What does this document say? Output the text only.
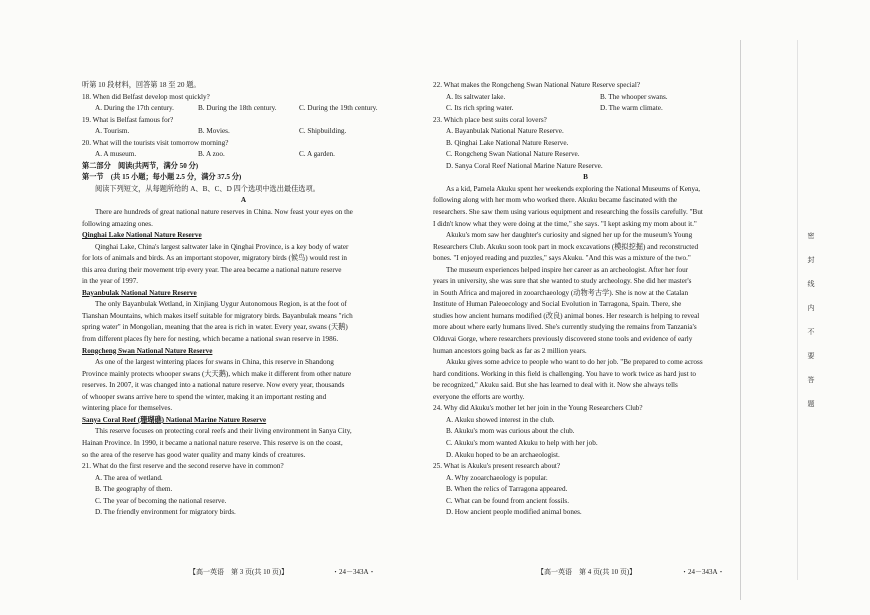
听第 10 段材料，回答第 18 至 20 题。
18. When did Belfast develop most quickly?
A. During the 17th century.	B. During the 18th century.	C. During the 19th century.
19. What is Belfast famous for?
A. Tourism.	B. Movies.	C. Shipbuilding.
20. What will the tourists visit tomorrow morning?
A. A museum.	B. A zoo.	C. A garden.
第二部分　阅读(共两节，满分 50 分)
第一节　(共 15 小题；每小题 2.5 分，满分 37.5 分)
阅读下列短文，从每题所给的 A、B、C、D 四个选项中选出最佳选项。
A
There are hundreds of great national nature reserves in China. Now feast your eyes on the
following amazing ones.
Qinghai Lake National Nature Reserve
Qinghai Lake, China's largest saltwater lake in Qinghai Province, is a key body of water
for lots of animals and birds. As an important stopover, migratory birds (候鸟) would rest in
this area during their movement trip every year. The area became a national nature reserve
in the year of 1997.
Bayanbulak National Nature Reserve
The only Bayanbulak Wetland, in Xinjiang Uygur Autonomous Region, is at the foot of
Tianshan Mountains, which makes itself suitable for migratory birds. Bayanbulak means "rich
spring water" in Mongolian, meaning that the area is rich in water. Every year, swans (天鹅)
from different places fly here for nesting, which became a national swan reserve in 1986.
Rongcheng Swan National Nature Reserve
As one of the largest wintering places for swans in China, this reserve in Shandong
Province mainly protects whooper swans (大天鹅), which make it different from other nature
reserves. In 2007, it was changed into a national nature reserve. Now every year, thousands
of whooper swans arrive here to spend the winter, making it an important resting and
wintering place for themselves.
Sanya Coral Reef (珊瑚礁) National Marine Nature Reserve
This reserve focuses on protecting coral reefs and their living environment in Sanya City,
Hainan Province. In 1990, it became a national nature reserve. This reserve is on the coast,
so the area of the reserve has good water quality and many kinds of creatures.
21. What do the first reserve and the second reserve have in common?
A. The area of wetland.
B. The geography of them.
C. The year of becoming the national reserve.
D. The friendly environment for migratory birds.
22. What makes the Rongcheng Swan National Nature Reserve special?
A. Its saltwater lake.	B. The whooper swans.
C. Its rich spring water.	D. The warm climate.
23. Which place best suits coral lovers?
A. Bayanbulak National Nature Reserve.
B. Qinghai Lake National Nature Reserve.
C. Rongcheng Swan National Nature Reserve.
D. Sanya Coral Reef National Marine Nature Reserve.
B
As a kid, Pamela Akuku spent her weekends exploring the National Museums of Kenya,
following along with her mom who worked there. Akuku became fascinated with the
researchers. She saw them using various equipment and researching the fossils carefully. "But
I didn't know what they were doing at the time," she says. "I kept asking my mom about it."
Akuku's mom saw her daughter's curiosity and signed her up for the museum's Young
Researchers Club. Akuku soon took part in mock excavations (模拟挖掘) and reconstructed
bones. "I enjoyed reading and puzzles," says Akuku. "And this was a mixture of the two."
The museum experiences helped inspire her career as an archeologist. After her four
years in university, she was sure that she wanted to study archeology. She did her master's
in South Africa and majored in zooarchaeology (动物考古学). She is now at the Catalan
Institute of Human Paleoecology and Social Evolution in Tarragona, Spain. There, she
studies how ancient humans modified (改良) animal bones. Her research is helping to reveal
more about where early humans lived. She's currently studying the remains from Tanzania's
Olduvai Gorge, where researchers previously discovered stone tools and evidence of early
human ancestors going back as far as 2 million years.
Akuku gives some advice to people who want to do her job. "Be prepared to come across
hard conditions. Working in this field is challenging. You have to work twice as hard just to
be recognized," Akuku said. But she has learned to deal with it. Now she always tells
everyone the efforts are worthy.
24. Why did Akuku's mother let her join in the Young Researchers Club?
A. Akuku showed interest in the club.
B. Akuku's mom was curious about the club.
C. Akuku's mom wanted Akuku to help with her job.
D. Akuku hoped to be an archaeologist.
25. What is Akuku's present research about?
A. Why zooarchaeology is popular.
B. When the relics of Tarragona appeared.
C. What can be found from ancient fossils.
D. How ancient people modified animal bones.
【高一英语　第 3 页(共 10 页)】	・24－343A・	【高一英语　第 4 页(共 10 页)】	・24－343A・
密
封
线
内
不
要
答
题
